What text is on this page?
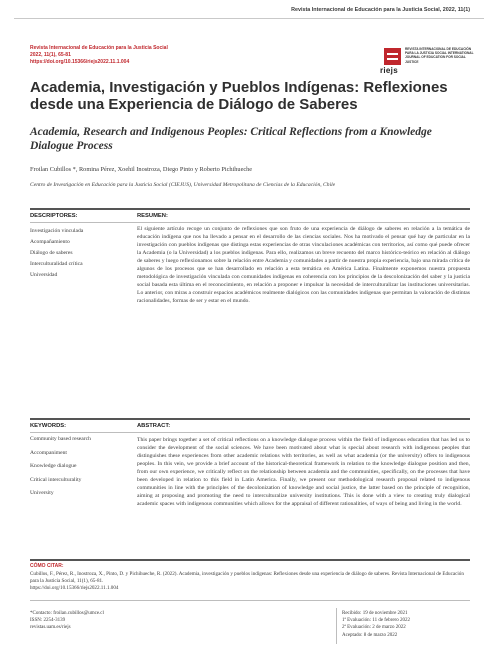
Revista Internacional de Educación para la Justicia Social, 2022, 11(1)
Revista Internacional de Educación para la Justicia Social
2022, 11(1), 65-81
https://doi.org/10.15366/riejs2022.11.1.004
riejs
REVISTA INTERNACIONAL DE EDUCACIÓN PARA LA JUSTICIA SOCIAL INTERNATIONAL JOURNAL OF EDUCATION FOR SOCIAL JUSTICE
Academia, Investigación y Pueblos Indígenas: Reflexiones desde una Experiencia de Diálogo de Saberes
Academia, Research and Indigenous Peoples: Critical Reflections from a Knowledge Dialogue Process
Froilan Cubillos *, Romina Pérez, Xoehil Inostroza, Diego Pinto y Roberto Pichihueche
Centro de Investigación en Educación para la Justicia Social (CIEJUS), Universidad Metropolitana de Ciencias de la Educación, Chile
DESCRIPTORES:	RESUMEN:
Investigación vinculada
Acompañamiento
Diálogo de saberes
Interculturalidad crítica
Universidad
El siguiente artículo recoge un conjunto de reflexiones que son fruto de una experiencia de diálogo de saberes en relación a la temática de educación indígena que nos ha llevado a pensar en el desarrollo de las ciencias sociales. Nos ha motivado el pensar qué hay de particular en la investigación con pueblos indígenas que distinga estas experiencias de otras vinculaciones académicas con territorios, así como qué puede ofrecer la Academia (o la Universidad) a los pueblos indígenas. Para ello, realizamos un breve recuento del marco histórico-teórico en relación al diálogo de saberes y luego reflexionamos sobre la relación entre Academia y comunidades a partir de nuestra propia experiencia, bajo una mirada crítica de algunos de los procesos que se han desarrollado en relación a esta temática en América Latina. Finalmente exponemos nuestra propuesta metodológica de investigación vinculada con comunidades indígenas en coherencia con los principios de la descolonización del saber y la justicia social basada esta última en el reconocimiento, en relación a proponer e impulsar la necesidad de interculturalizar las instituciones universitarias. Lo anterior, con miras a construir espacios académicos realmente dialógicos con las comunidades indígenas que permitan la valoración de distintas racionalidades, formas de ser y estar en el mundo.
KEYWORDS:	ABSTRACT:
Community based research
Accompaniment
Knowledge dialogue
Critical interculturality
University
This paper brings together a set of critical reflections on a knowledge dialogue process within the field of indigenous education that has led us to consider the development of the social sciences. We have been motivated about what is special about research with indigenous peoples that distinguishes these experiences from other academic relations with territories, as well as what academia (or the university) offers to indigenous peoples. In this vein, we provide a brief account of the historical-theoretical framework in relation to the knowledge dialogue position and then, from our own experience, we critically reflect on the relationship between academia and the communities, specifically, on the processes that have been developed in relation to this field in Latin America. Finally, we present our methodological research proposal related to indigenous communities in line with the principles of the decolonization of knowledge and social justice, the latter based on the principle of recognition, aiming at proposing and promoting the need to interculturalize university institutions. This is done with a view to creating truly dialogical academic spaces with indigenous communities which allows for the appraisal of different rationalities, of ways of being and living in the world.
CÓMO CITAR:
Cubillos, F., Pérez, R., Inostroza, X., Pinto, D. y Pichihueche, R. (2022). Academia, investigación y pueblos indígenas: Reflexiones desde una experiencia de diálogo de saberes. Revista Internacional de Educación para la Justicia Social, 11(1), 65-81.
https://doi.org/10.15366/riejs2022.11.1.004
*Contacto: froilan.cubillos@umce.cl
ISSN: 2254-3139
revistas.uam.es/riejs
Recibido: 19 de noviembre 2021
1ª Evaluación: 11 de febrero 2022
2ª Evaluación: 2 de marzo 2022
Aceptado: 8 de marzo 2022
